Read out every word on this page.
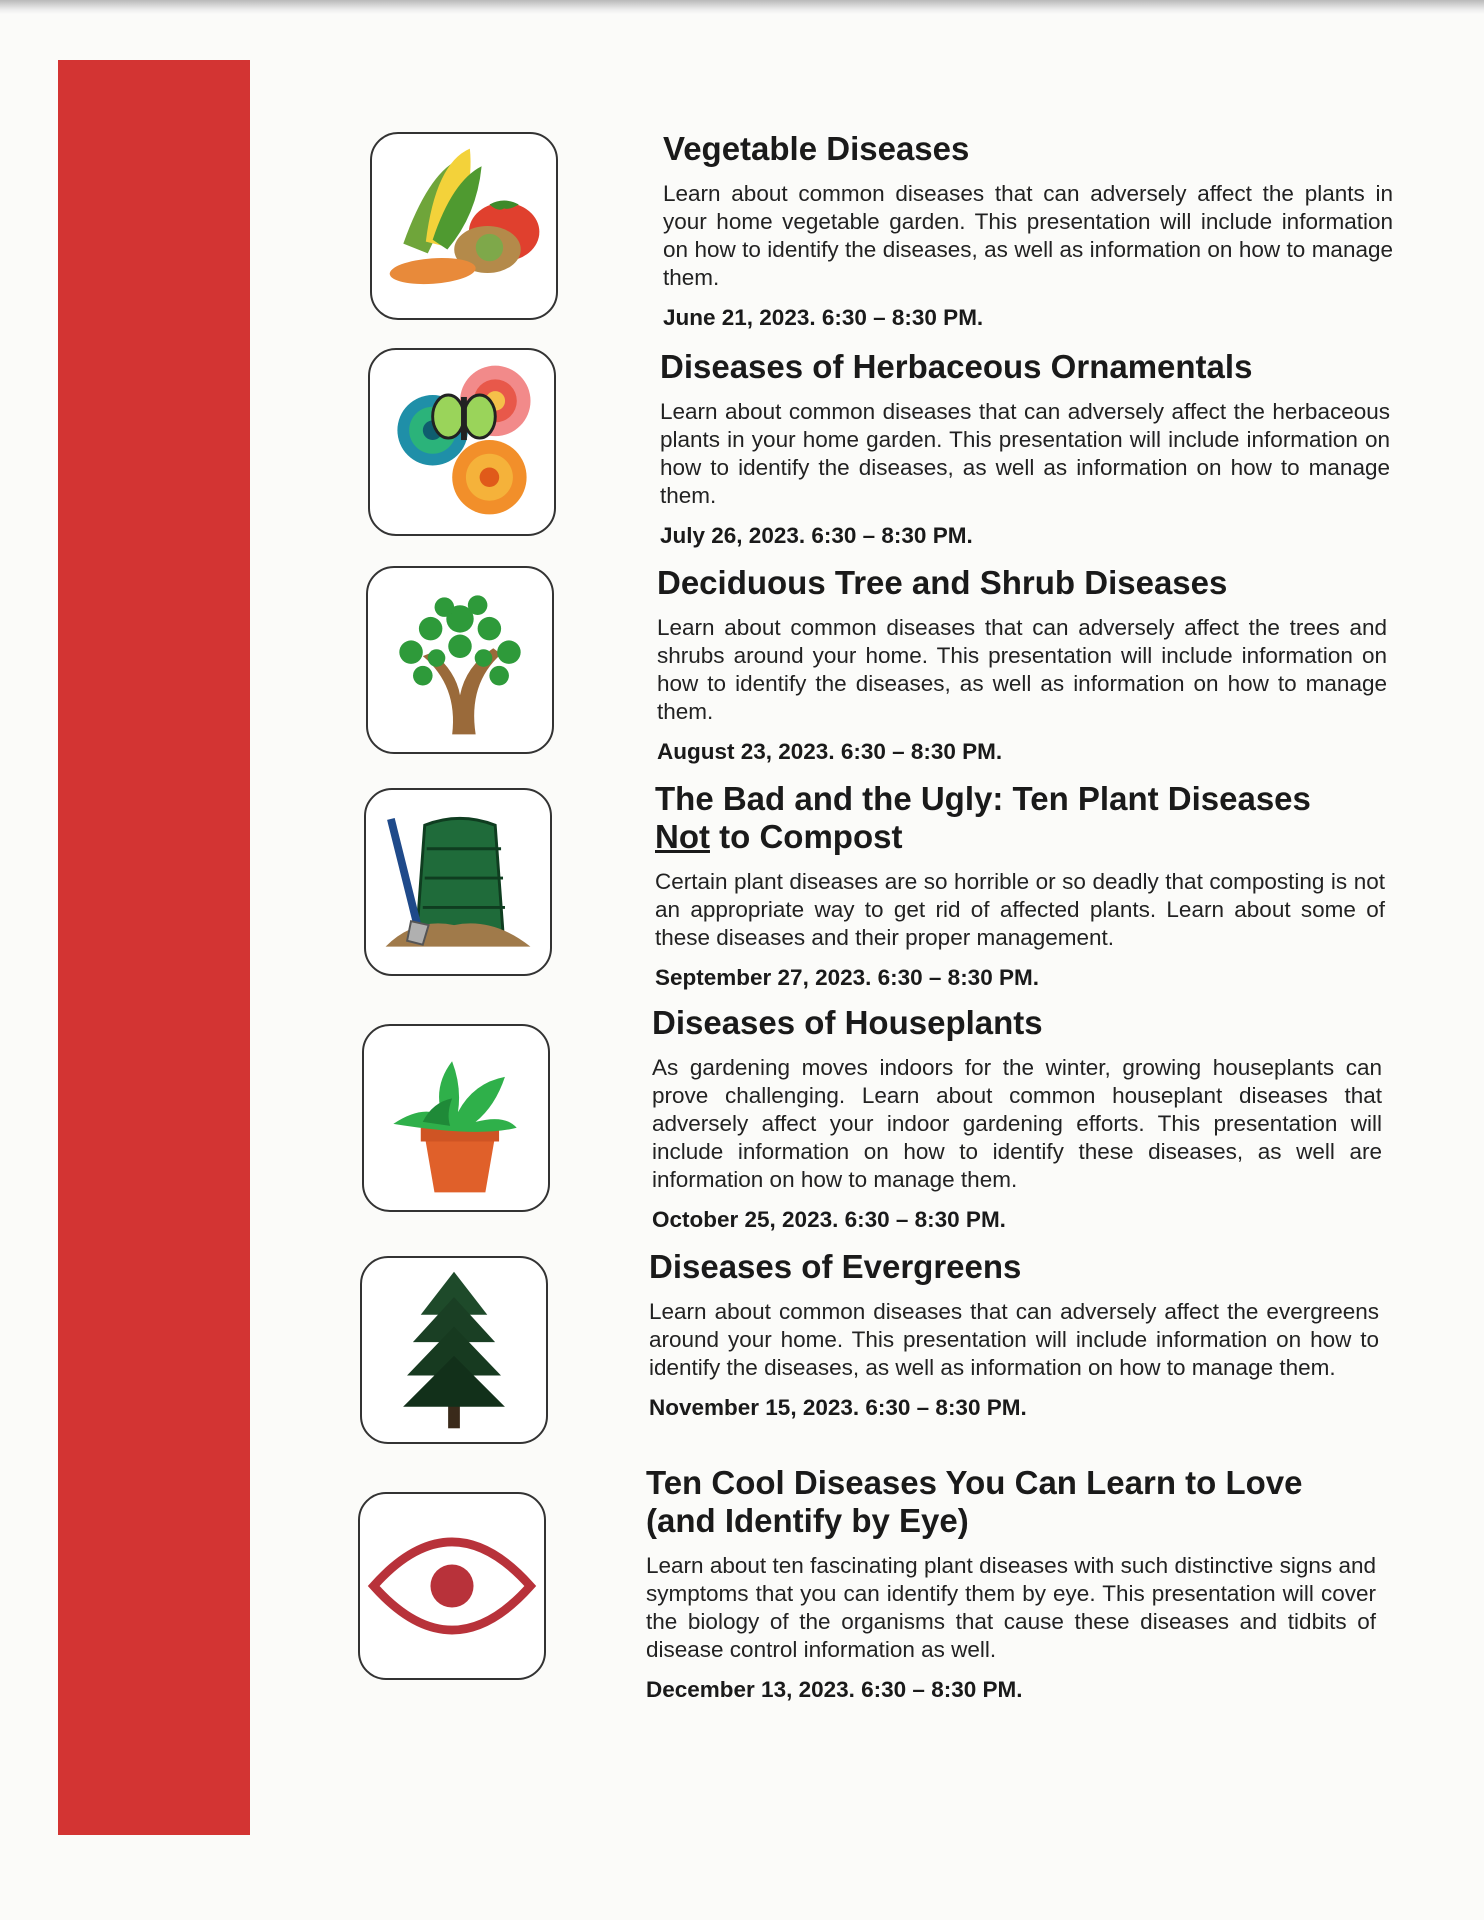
Vegetable Diseases

Learn about common diseases that can adversely affect the plants in your home vegetable garden. This presentation will include information on how to identify the diseases, as well as information on how to manage them.

June 21, 2023. 6:30 – 8:30 PM.
Diseases of Herbaceous Ornamentals

Learn about common diseases that can adversely affect the herbaceous plants in your home garden. This presentation will include information on how to identify the diseases, as well as information on how to manage them.

July 26, 2023. 6:30 – 8:30 PM.
Deciduous Tree and Shrub Diseases

Learn about common diseases that can adversely affect the trees and shrubs around your home. This presentation will include information on how to identify the diseases, as well as information on how to manage them.

August 23, 2023. 6:30 – 8:30 PM.
The Bad and the Ugly: Ten Plant Diseases
Not to Compost

Certain plant diseases are so horrible or so deadly that composting is not an appropriate way to get rid of affected plants. Learn about some of these diseases and their proper management.

September 27, 2023. 6:30 – 8:30 PM.
Diseases of Houseplants

As gardening moves indoors for the winter, growing houseplants can prove challenging. Learn about common houseplant diseases that adversely affect your indoor gardening efforts. This presentation will include information on how to identify these diseases, as well are information on how to manage them.

October 25, 2023. 6:30 – 8:30 PM.
Diseases of Evergreens

Learn about common diseases that can adversely affect the evergreens around your home. This presentation will include information on how to identify the diseases, as well as information on how to manage them.

November 15, 2023. 6:30 – 8:30 PM.
Ten Cool Diseases You Can Learn to Love
(and Identify by Eye)

Learn about ten fascinating plant diseases with such distinctive signs and symptoms that you can identify them by eye. This presentation will cover the biology of the organisms that cause these diseases and tidbits of disease control information as well.

December 13, 2023. 6:30 – 8:30 PM.
